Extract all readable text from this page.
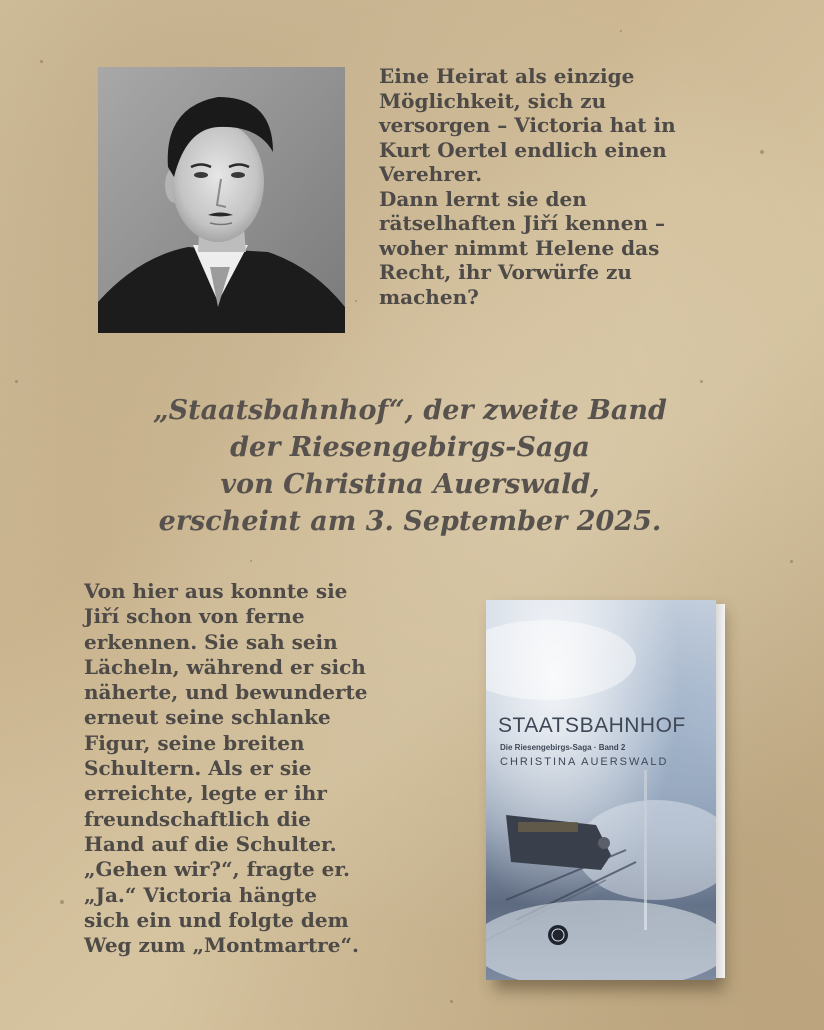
Eine Heirat als einzige
Möglichkeit, sich zu
versorgen – Victoria hat in
Kurt Oertel endlich einen
Verehrer.
Dann lernt sie den
rätselhaften Jiří kennen –
woher nimmt Helene das
Recht, ihr Vorwürfe zu
machen?

„Staatsbahnhof“, der zweite Band
der Riesengebirgs-Saga
von Christina Auerswald,
erscheint am 3. September 2025.

Von hier aus konnte sie
Jiří schon von ferne
erkennen. Sie sah sein
Lächeln, während er sich
näherte, und bewunderte
erneut seine schlanke
Figur, seine breiten
Schultern. Als er sie
erreichte, legte er ihr
freundschaftlich die
Hand auf die Schulter.
„Gehen wir?“, fragte er.
„Ja.“ Victoria hängte
sich ein und folgte dem
Weg zum „Montmartre“.

STAATSBAHNHOF
Die Riesengebirgs-Saga · Band 2
CHRISTINA AUERSWALD
